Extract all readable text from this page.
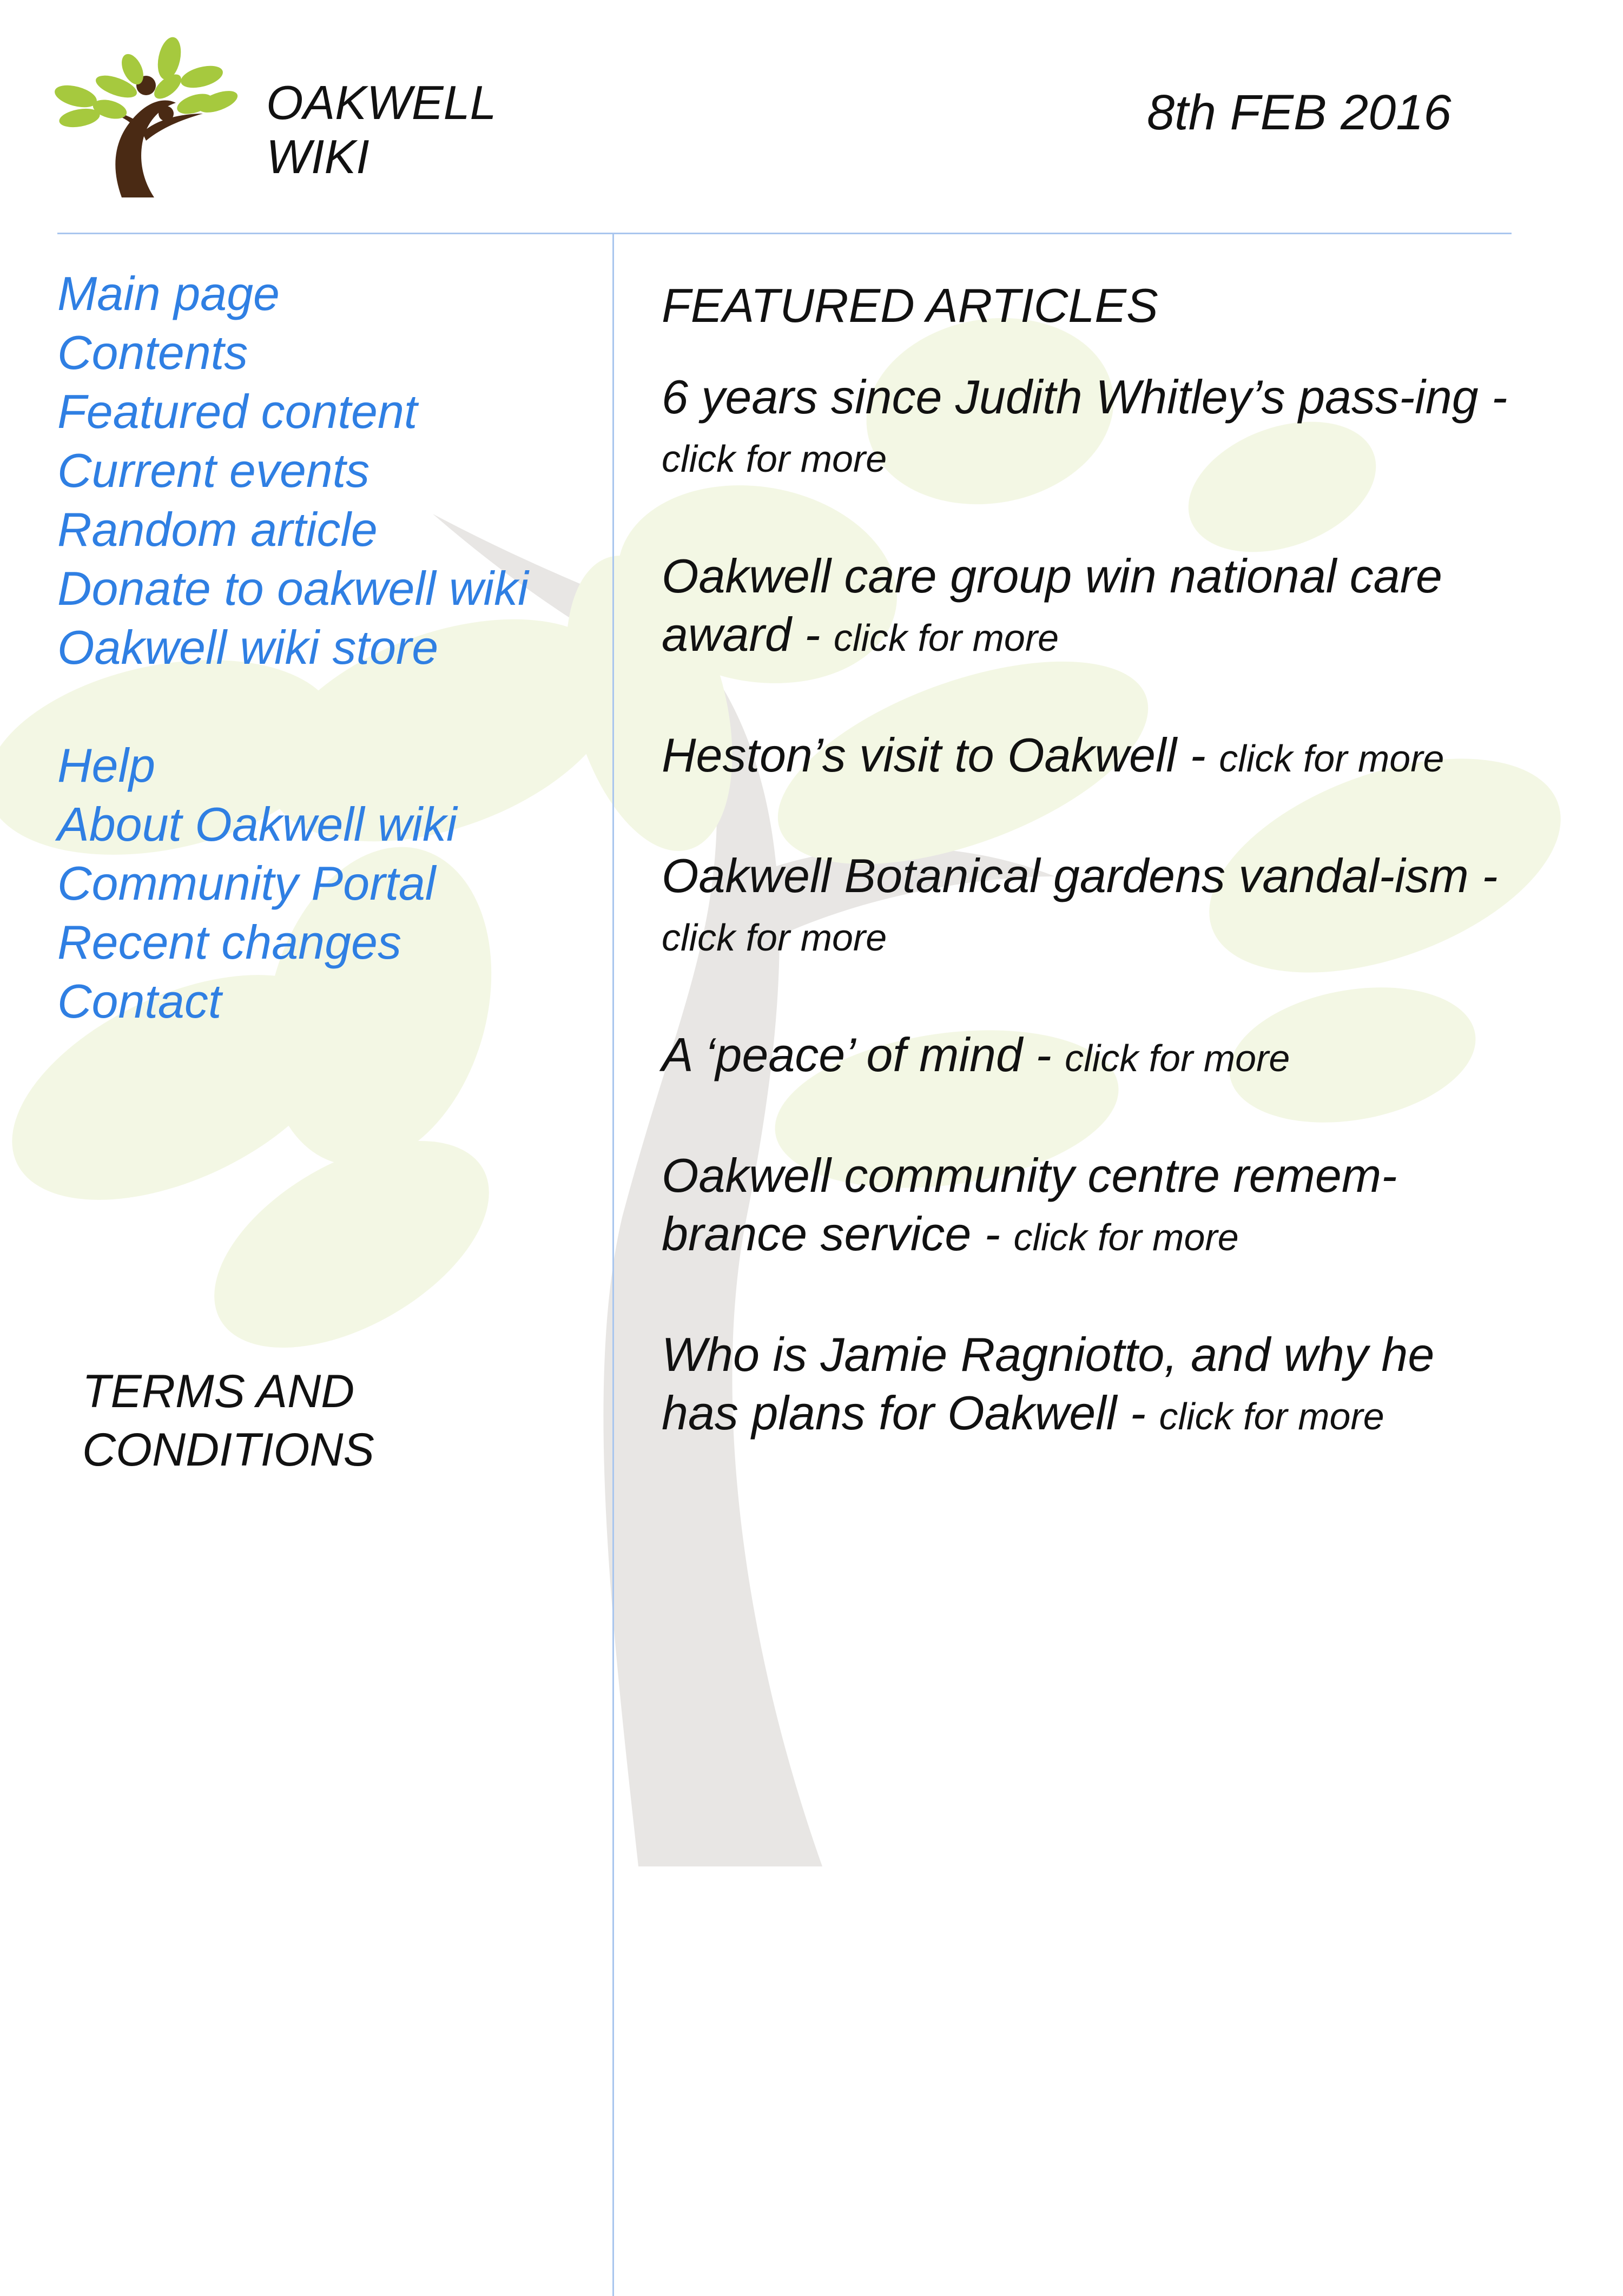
OAKWELL
WIKI
8th FEB 2016
Main page
Contents
Featured content
Current events
Random article
Donate to oakwell wiki
Oakwell wiki store
Help
About Oakwell wiki
Community Portal
Recent changes
Contact
TERMS AND
CONDITIONS
FEATURED ARTICLES
6 years since Judith Whitley’s pass-ing - click for more
Oakwell care group win national care award - click for more
Heston’s visit to Oakwell - click for more
Oakwell Botanical gardens vandal-ism - click for more
A ‘peace’ of mind - click for more
Oakwell community centre remem-brance service - click for more
Who is Jamie Ragniotto, and why he has plans for Oakwell - click for more
